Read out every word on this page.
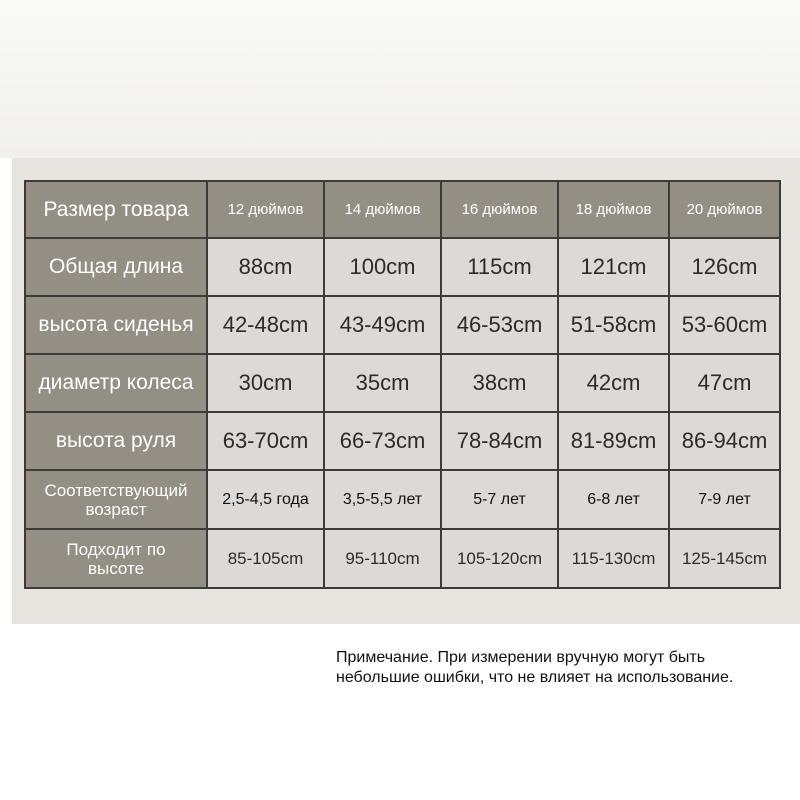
Размер товара	12 дюймов	14 дюймов	16 дюймов	18 дюймов	20 дюймов
Общая длина	88cm	100cm	115cm	121cm	126cm
высота сиденья	42-48cm	43-49cm	46-53cm	51-58cm	53-60cm
диаметр колеса	30cm	35cm	38cm	42cm	47cm
высота руля	63-70cm	66-73cm	78-84cm	81-89cm	86-94cm
Соответствующий
возраст	2,5-4,5 года	3,5-5,5 лет	5-7 лет	6-8 лет	7-9 лет
Подходит по
высоте	85-105cm	95-110cm	105-120cm	115-130cm	125-145cm
Примечание. При измерении вручную могут быть
небольшие ошибки, что не влияет на использование.
